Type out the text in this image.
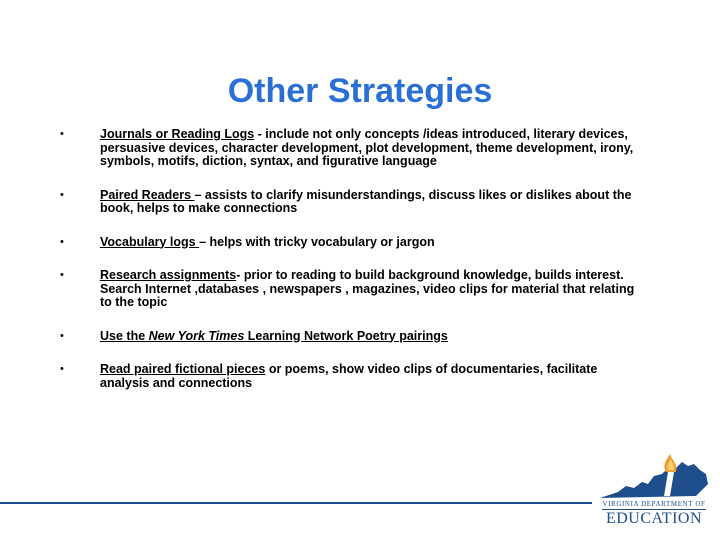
Other Strategies
•	Journals or Reading Logs - include not only concepts /ideas introduced, literary devices, persuasive devices, character development, plot development, theme development, irony, symbols, motifs, diction, syntax, and figurative language
•	Paired Readers – assists to clarify misunderstandings, discuss likes or dislikes about the book, helps to make connections
•	Vocabulary logs – helps with tricky vocabulary or jargon
•	Research assignments- prior to reading to build background knowledge, builds interest. Search Internet ,databases , newspapers , magazines, video clips for material that relating to the topic
•	Use the New York Times Learning Network Poetry pairings
•	Read paired fictional pieces or poems, show video clips of documentaries, facilitate analysis and connections
VIRGINIA DEPARTMENT OF
EDUCATION
